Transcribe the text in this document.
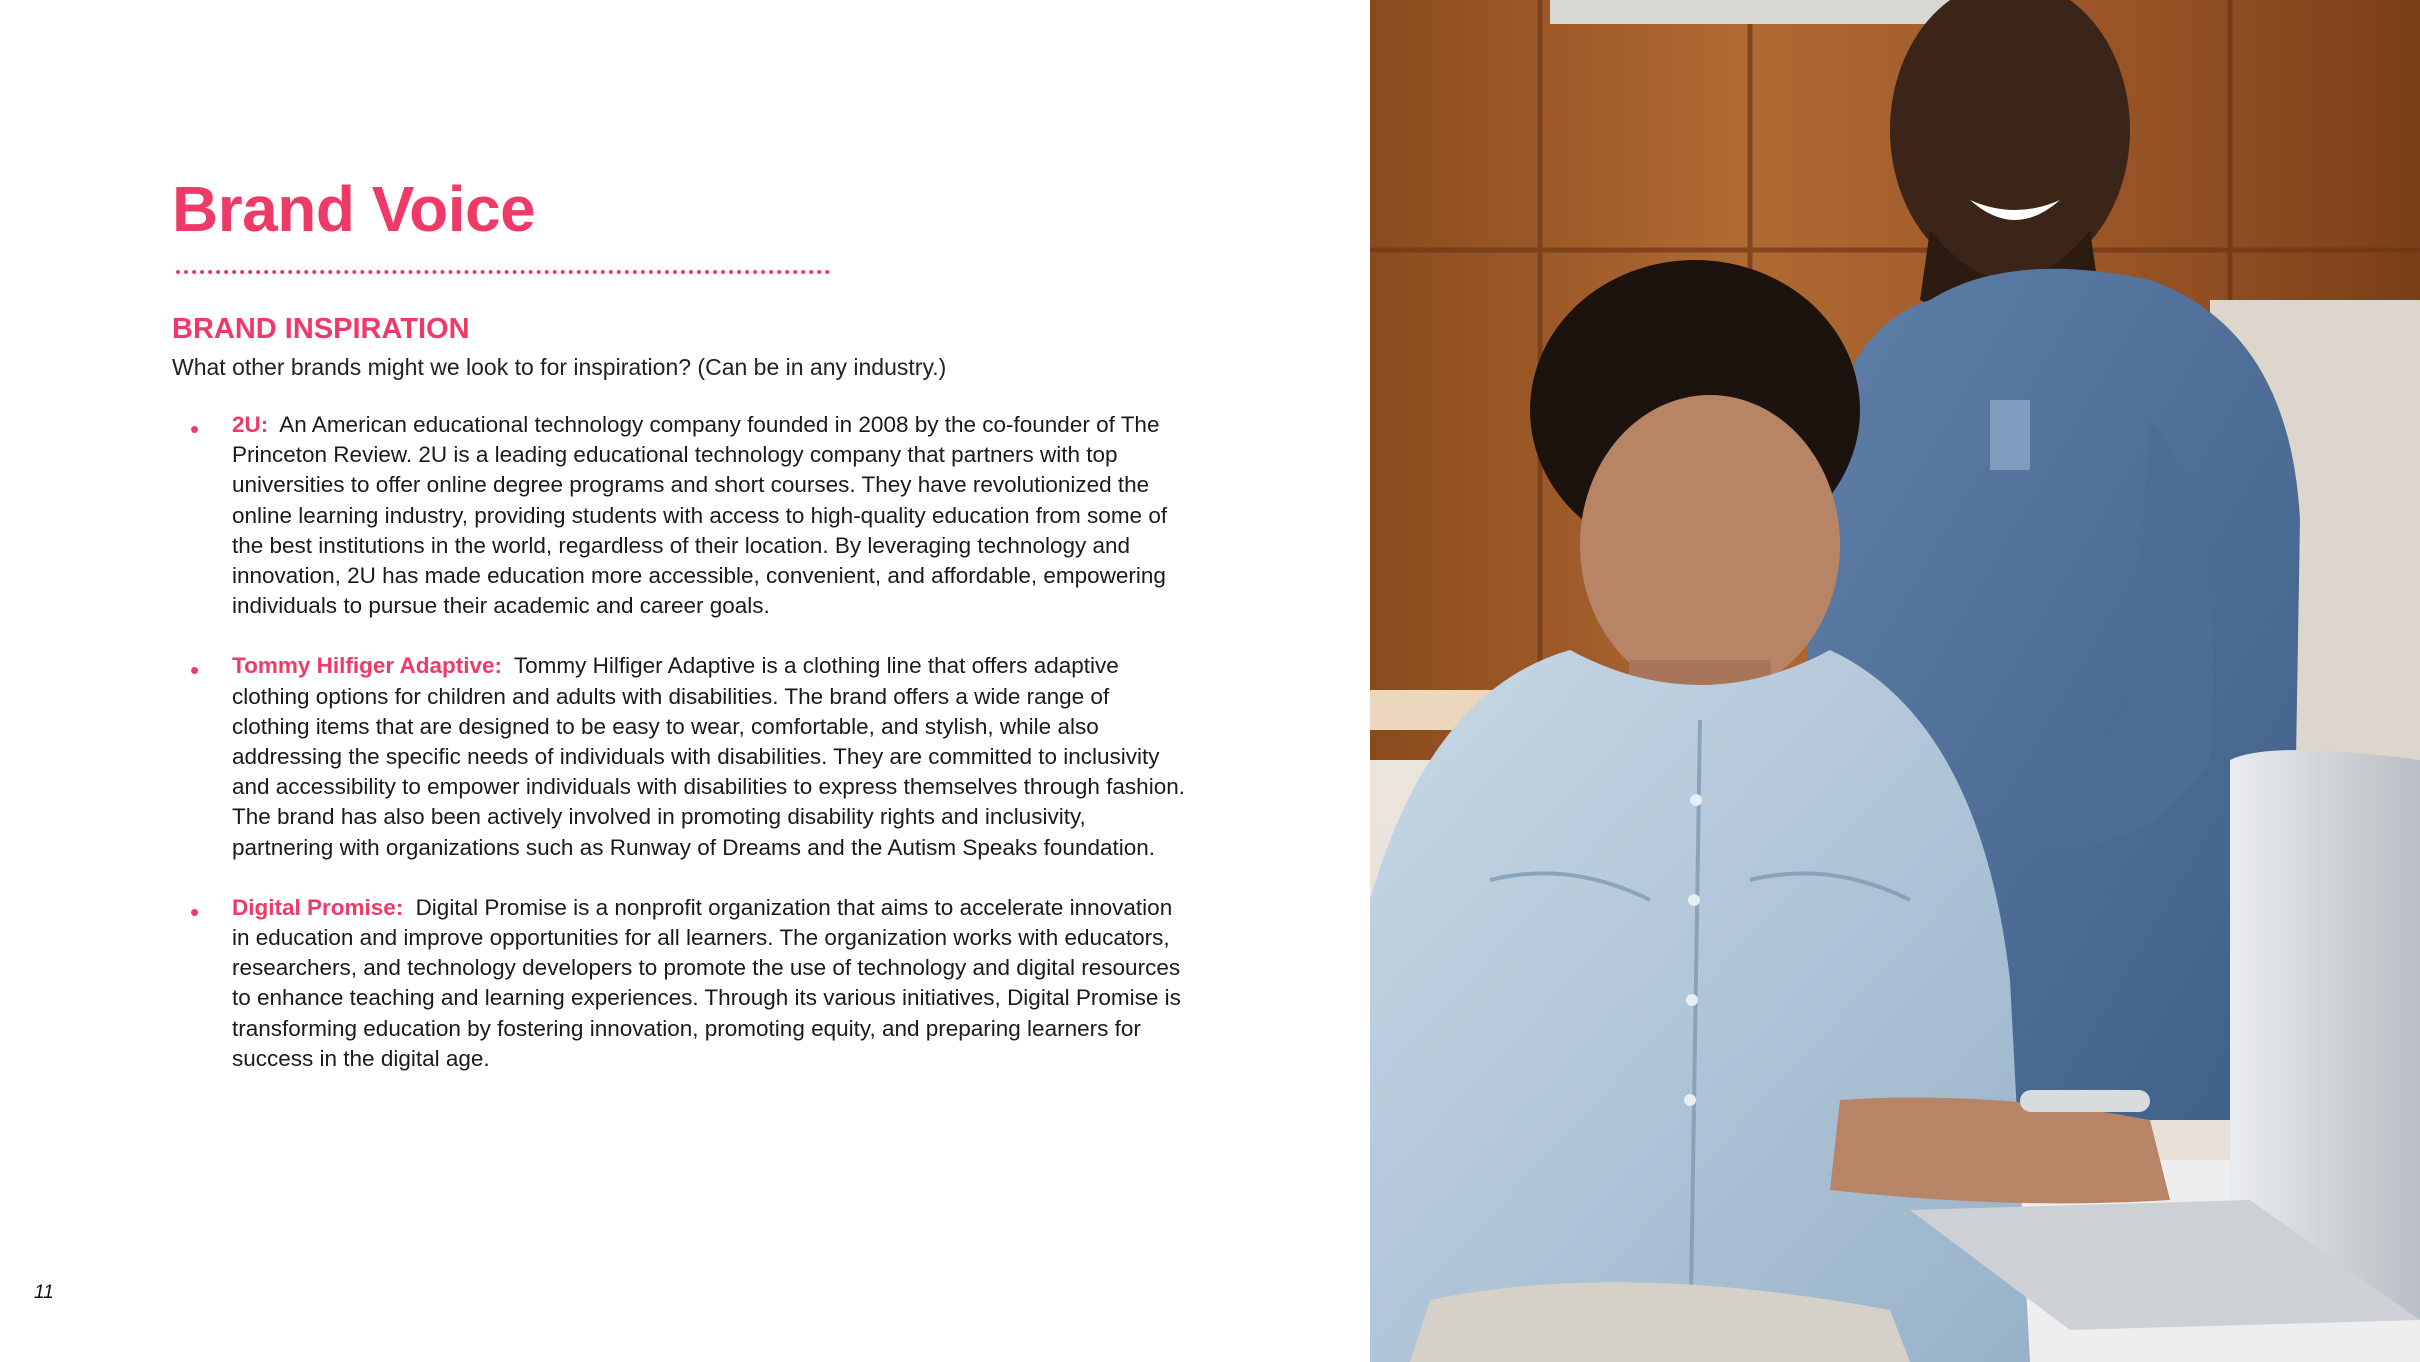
Brand Voice
BRAND INSPIRATION

What other brands might we look to for inspiration? (Can be in any industry.)

• 2U: An American educational technology company founded in 2008 by the co-founder of The Princeton Review. 2U is a leading educational technology company that partners with top universities to offer online degree programs and short courses. They have revolutionized the online learning industry, providing students with access to high-quality education from some of the best institutions in the world, regardless of their location. By leveraging technology and innovation, 2U has made education more accessible, convenient, and affordable, empowering individuals to pursue their academic and career goals.
• Tommy Hilfiger Adaptive: Tommy Hilfiger Adaptive is a clothing line that offers adaptive clothing options for children and adults with disabilities. The brand offers a wide range of clothing items that are designed to be easy to wear, comfortable, and stylish, while also addressing the specific needs of individuals with disabilities. They are committed to inclusivity and accessibility to empower individuals with disabilities to express themselves through fashion. The brand has also been actively involved in promoting disability rights and inclusivity, partnering with organizations such as Runway of Dreams and the Autism Speaks foundation.
• Digital Promise: Digital Promise is a nonprofit organization that aims to accelerate innovation in education and improve opportunities for all learners. The organization works with educators, researchers, and technology developers to promote the use of technology and digital resources to enhance teaching and learning experiences. Through its various initiatives, Digital Promise is transforming education by fostering innovation, promoting equity, and preparing learners for success in the digital age.
11
